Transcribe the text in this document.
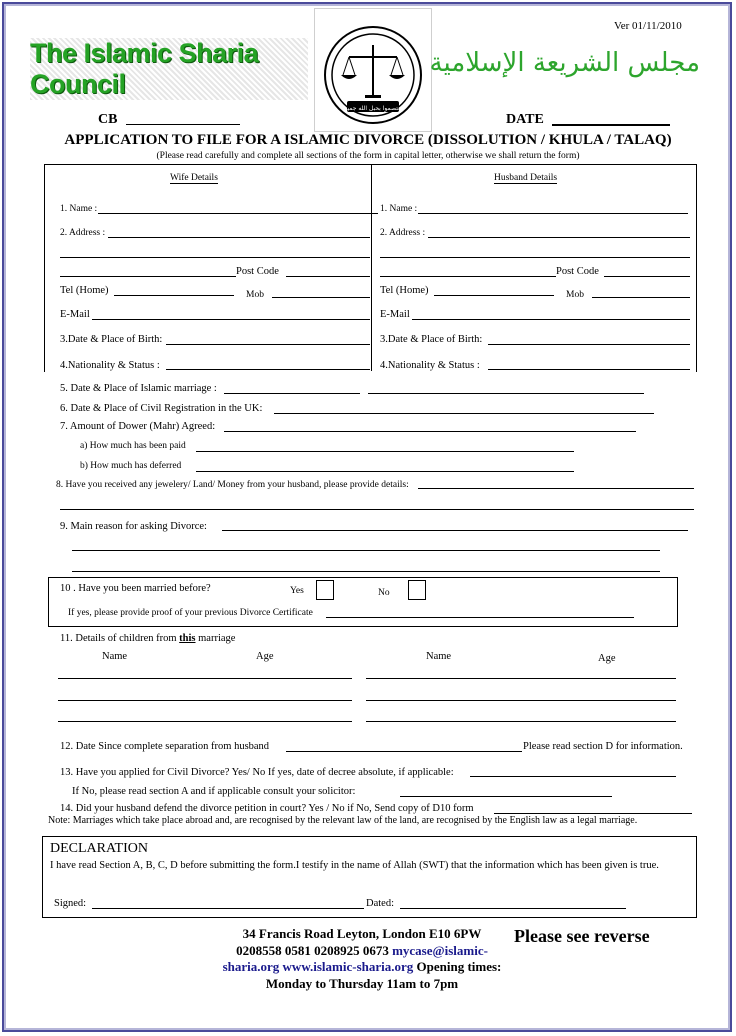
Ver 01/11/2010
The Islamic Sharia Council
اعتصموا بحبل الله جميعا
مجلس الشريعة الإسلامية
CB	DATE
APPLICATION TO FILE FOR A ISLAMIC DIVORCE (DISSOLUTION / KHULA / TALAQ)
(Please read carefully and complete all sections of the form in capital letter, otherwise we shall return the form)
Wife Details
1. Name :
2. Address :
Post Code
Tel (Home)	Mob
E-Mail
3.Date & Place of Birth:
4.Nationality & Status :
Husband Details
1. Name :
2. Address :
Post Code
Tel (Home)	Mob
E-Mail
3.Date & Place of Birth:
4.Nationality & Status :
5. Date & Place of Islamic marriage :
6. Date & Place of Civil Registration in the UK:
7. Amount of Dower (Mahr) Agreed:
a) How much has been paid
b) How much has deferred
8. Have you received any jewelery/ Land/ Money from your husband, please provide details:
9. Main reason for asking Divorce:
10 . Have you been married before?	Yes	No
If yes, please provide proof of your previous Divorce Certificate
11. Details of children from this marriage
Name	Age	Name	Age
12. Date Since complete separation from husband	Please read section D for information.
13. Have you applied for Civil Divorce? Yes/ No If yes, date of decree absolute, if applicable:
If No, please read section A and if applicable consult your solicitor:
14. Did your husband defend the divorce petition in court? Yes / No if No, Send copy of D10 form
Note: Marriages which take place abroad and, are recognised by the relevant law of the land, are recognised by the English law as a legal marriage.
DECLARATION
I have read Section A, B, C, D before submitting the form.I testify in the name of Allah (SWT) that the information which has been given is true.
Signed:	Dated:
34 Francis Road Leyton, London E10 6PW
0208558 0581 0208925 0673 mycase@islamic-
sharia.org www.islamic-sharia.org Opening times:
Monday to Thursday 11am to 7pm
Please see reverse
